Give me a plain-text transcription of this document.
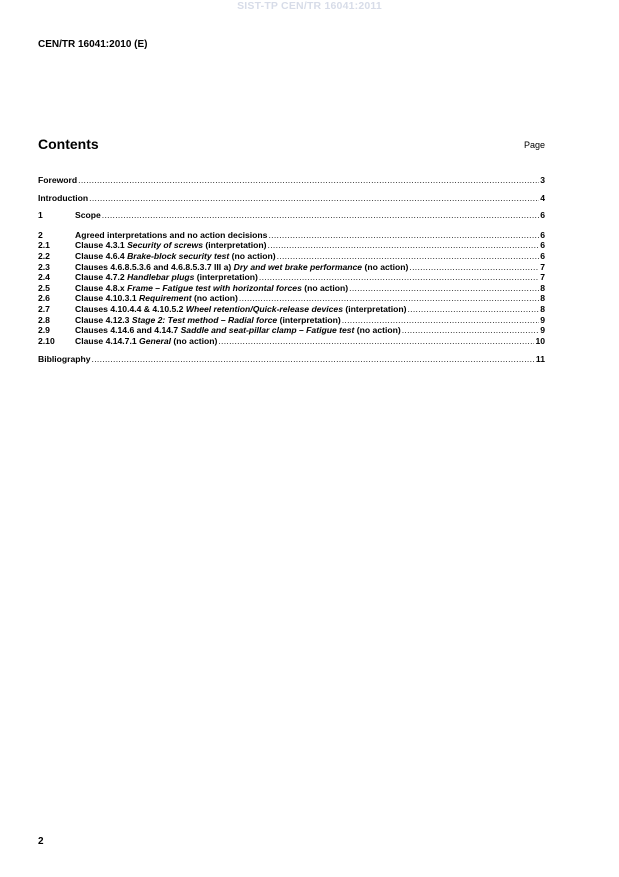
SIST-TP CEN/TR 16041:2011
CEN/TR 16041:2010 (E)
Contents	Page
Foreword .....	3
Introduction .....	4
1	Scope .....	6
2	Agreed interpretations and no action decisions .....	6
2.1	Clause 4.3.1 Security of screws (interpretation) .....	6
2.2	Clause 4.6.4 Brake-block security test (no action) .....	6
2.3	Clauses 4.6.8.5.3.6 and 4.6.8.5.3.7 III a) Dry and wet brake performance (no action) .....	7
2.4	Clause 4.7.2 Handlebar plugs (interpretation) .....	7
2.5	Clause 4.8.x Frame – Fatigue test with horizontal forces (no action) .....	8
2.6	Clause 4.10.3.1 Requirement (no action) .....	8
2.7	Clauses 4.10.4.4 & 4.10.5.2 Wheel retention/Quick-release devices (interpretation) .....	8
2.8	Clause 4.12.3 Stage 2: Test method – Radial force (interpretation) .....	9
2.9	Clauses 4.14.6 and 4.14.7 Saddle and seat-pillar clamp – Fatigue test (no action) .....	9
2.10	Clause 4.14.7.1 General (no action) .....	10
Bibliography .....	11
2
